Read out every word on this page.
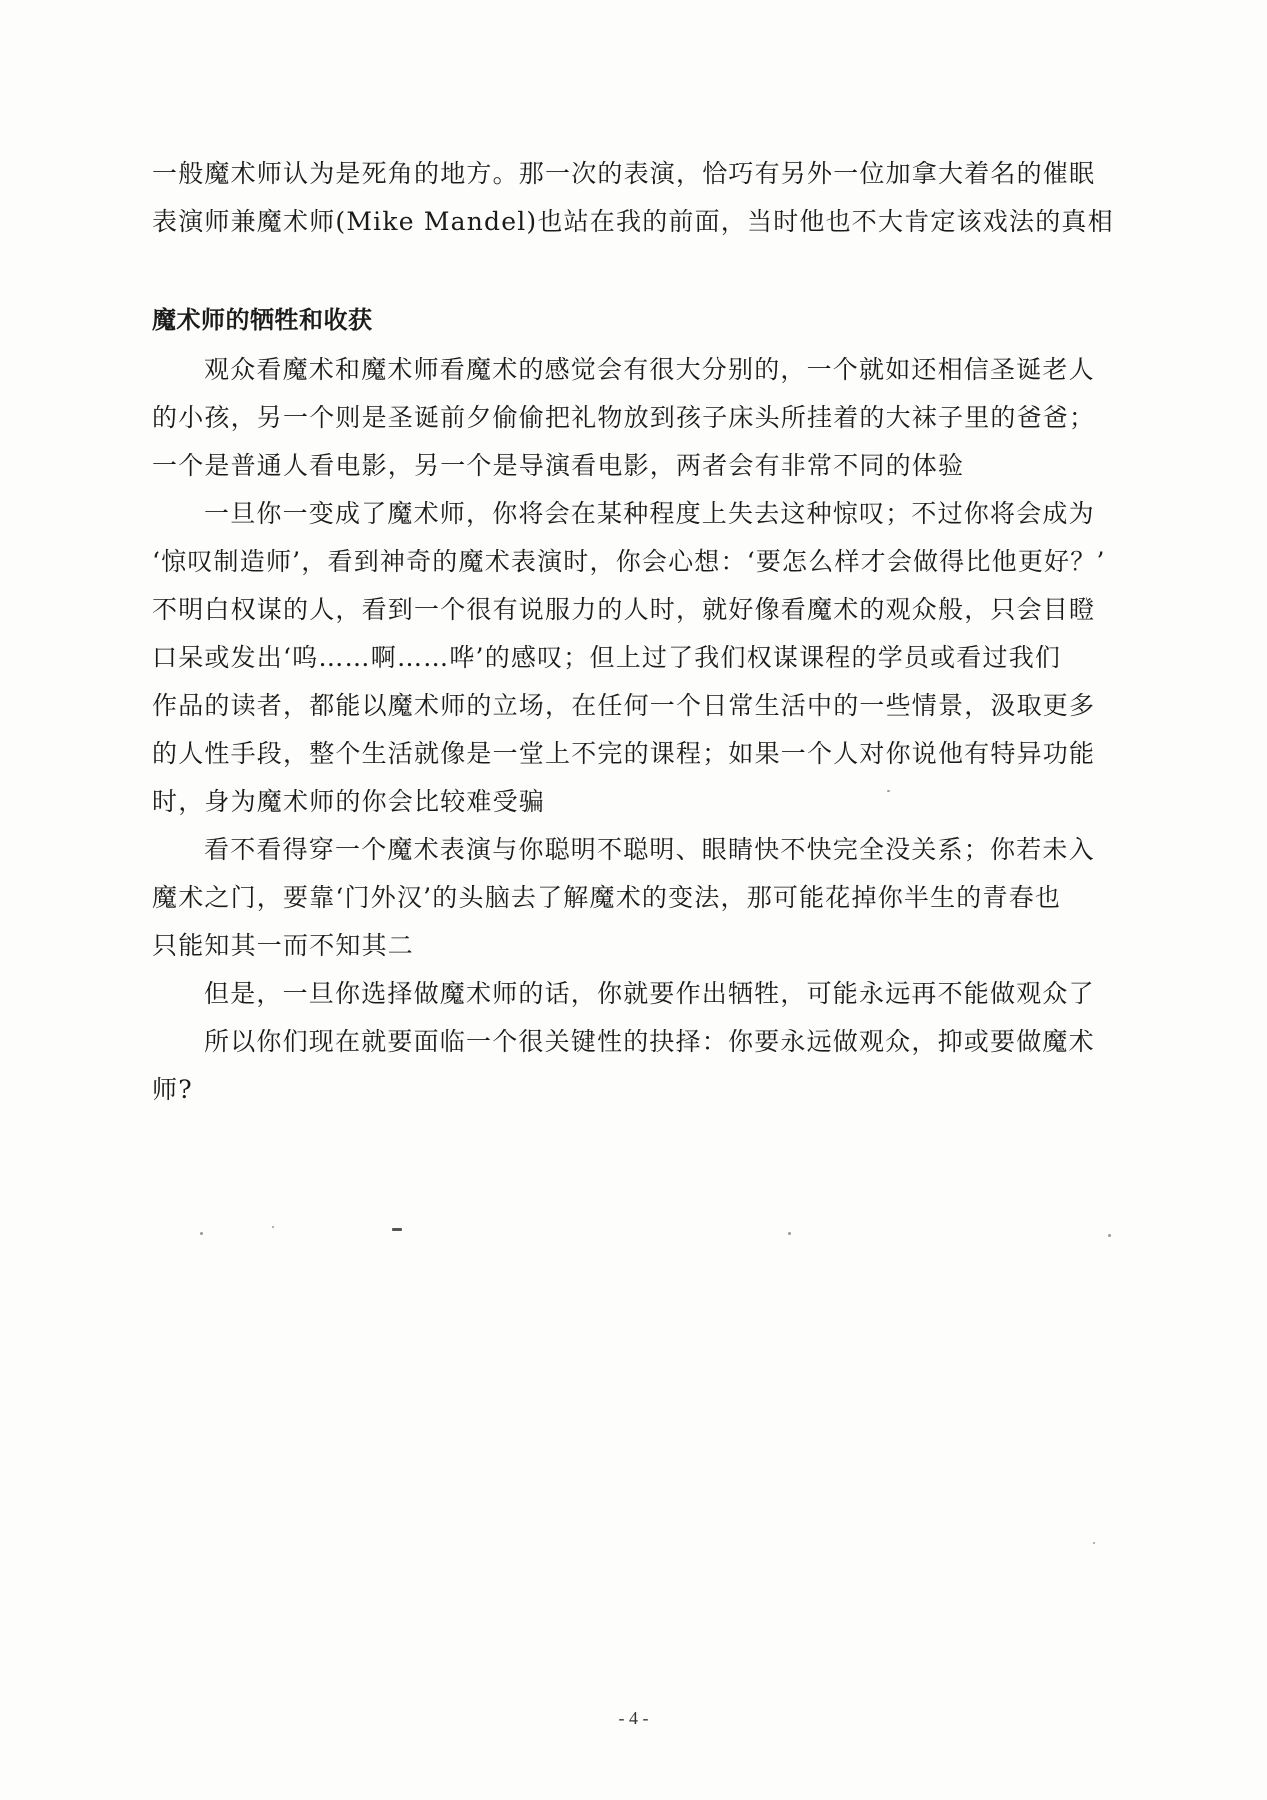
一般魔术师认为是死角的地方。那一次的表演，恰巧有另外一位加拿大着名的催眠

表演师兼魔术师(Mike Mandel)也站在我的前面，当时他也不大肯定该戏法的真相

魔术师的牺牲和收获

观众看魔术和魔术师看魔术的感觉会有很大分别的，一个就如还相信圣诞老人

的小孩，另一个则是圣诞前夕偷偷把礼物放到孩子床头所挂着的大袜子里的爸爸；

一个是普通人看电影，另一个是导演看电影，两者会有非常不同的体验

一旦你一变成了魔术师，你将会在某种程度上失去这种惊叹；不过你将会成为

‘惊叹制造师’，看到神奇的魔术表演时，你会心想：‘要怎么样才会做得比他更好？’

不明白权谋的人，看到一个很有说服力的人时，就好像看魔术的观众般，只会目瞪

口呆或发出‘呜……啊……哗’的感叹；但上过了我们权谋课程的学员或看过我们

作品的读者，都能以魔术师的立场，在任何一个日常生活中的一些情景，汲取更多

的人性手段，整个生活就像是一堂上不完的课程；如果一个人对你说他有特异功能

时，身为魔术师的你会比较难受骗

看不看得穿一个魔术表演与你聪明不聪明、眼睛快不快完全没关系；你若未入

魔术之门，要靠‘门外汉’的头脑去了解魔术的变法，那可能花掉你半生的青春也

只能知其一而不知其二

但是，一旦你选择做魔术师的话，你就要作出牺牲，可能永远再不能做观众了

所以你们现在就要面临一个很关键性的抉择：你要永远做观众，抑或要做魔术

师?

- 4 -
